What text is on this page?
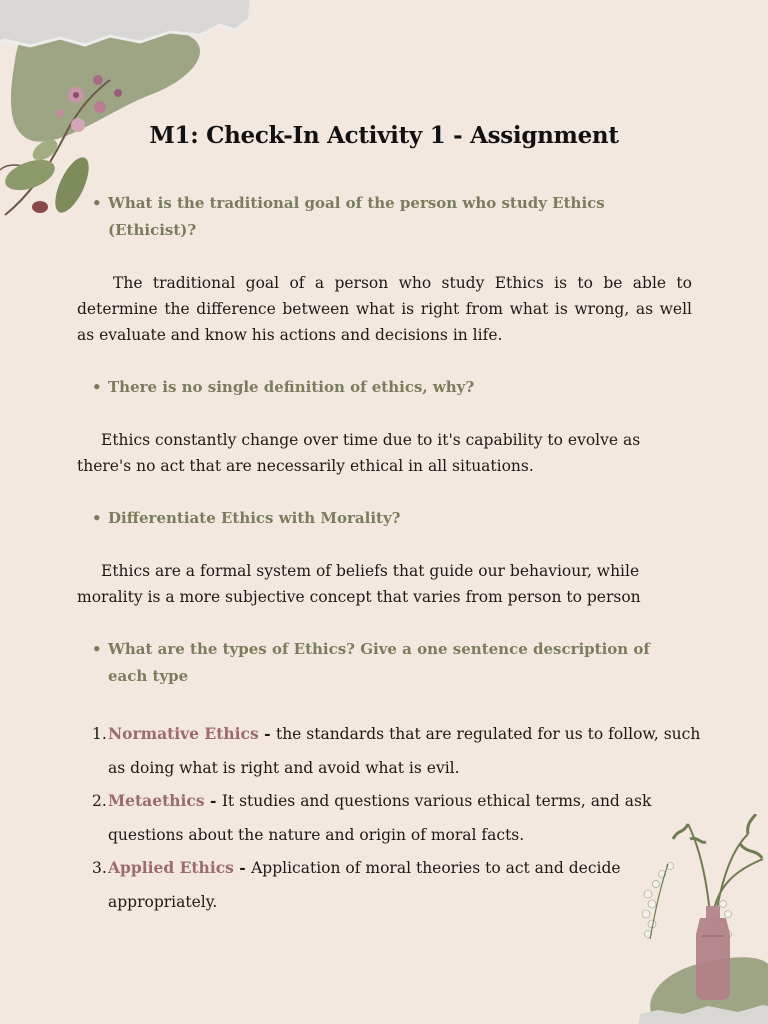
M1: Check-In Activity 1 - Assignment

• What is the traditional goal of the person who study Ethics (Ethicist)?

The traditional goal of a person who study Ethics is to be able to determine the difference between what is right from what is wrong, as well as evaluate and know his actions and decisions in life.

• There is no single definition of ethics, why?

Ethics constantly change over time due to it's capability to evolve as there's no act that are necessarily ethical in all situations.

• Differentiate Ethics with Morality?

Ethics are a formal system of beliefs that guide our behaviour, while morality is a more subjective concept that varies from person to person

• What are the types of Ethics? Give a one sentence description of each type

1. Normative Ethics - the standards that are regulated for us to follow, such as doing what is right and avoid what is evil.
2. Metaethics - It studies and questions various ethical terms, and ask questions about the nature and origin of moral facts.
3. Applied Ethics - Application of moral theories to act and decide appropriately.
